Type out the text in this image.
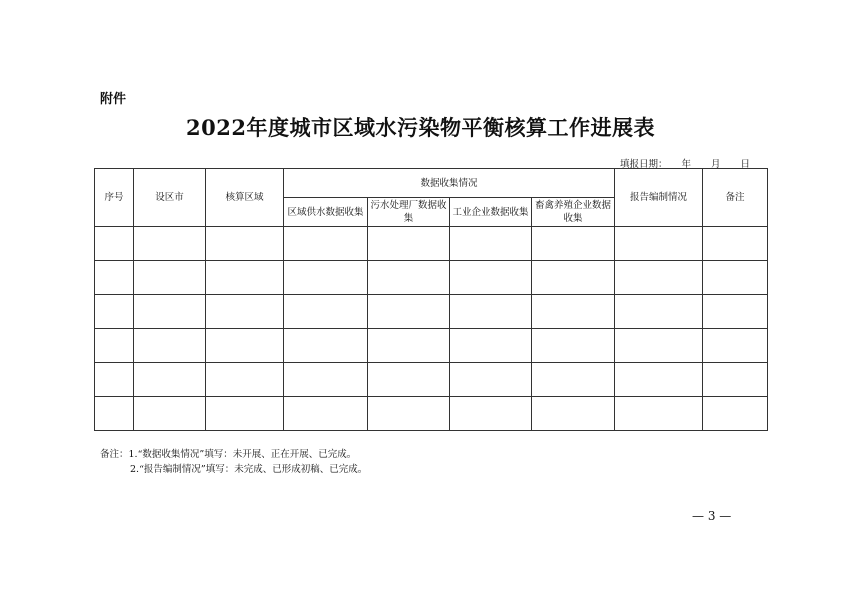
附件
2022年度城市区域水污染物平衡核算工作进展表
填报日期： 年 月 日
序号	设区市	核算区域	数据收集情况				报告编制情况	备注
			区域供水数据收集	污水处理厂数据收集	工业企业数据收集	畜禽养殖企业数据收集		

备注：1.“数据收集情况”填写：未开展、正在开展、已完成。
2.“报告编制情况”填写：未完成、已形成初稿、已完成。
— 3 —
